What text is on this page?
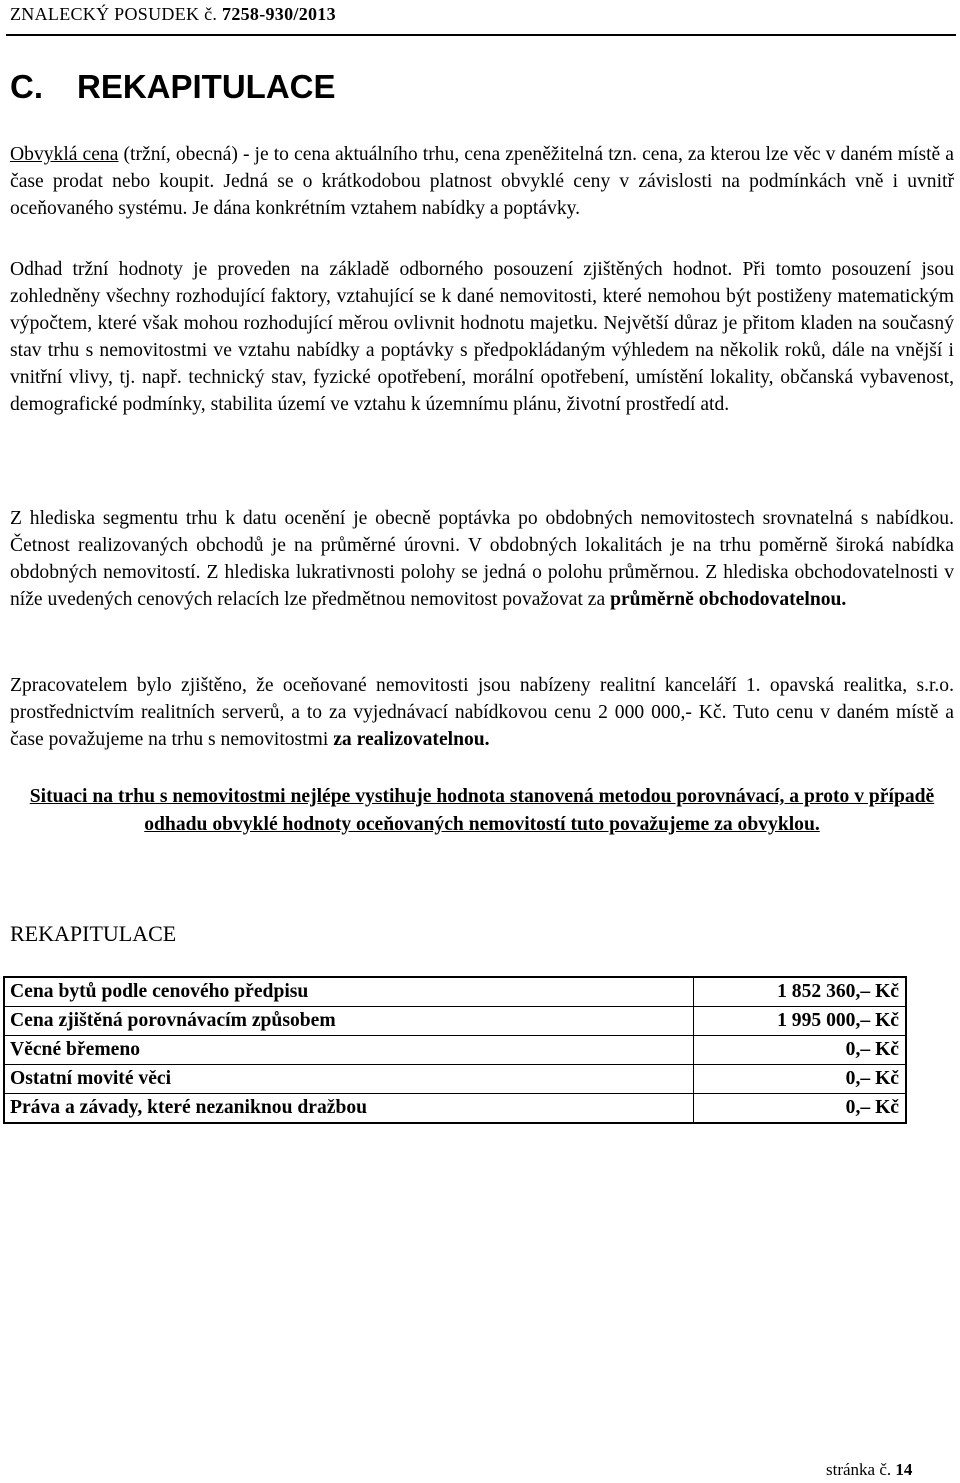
ZNALECKÝ POSUDEK č. 7258-930/2013
C. REKAPITULACE
Obvyklá cena (tržní, obecná) - je to cena aktuálního trhu, cena zpeněžitelná tzn. cena, za kterou lze věc v daném místě a čase prodat nebo koupit. Jedná se o krátkodobou platnost obvyklé ceny v závislosti na podmínkách vně i uvnitř oceňovaného systému. Je dána konkrétním vztahem nabídky a poptávky.
Odhad tržní hodnoty je proveden na základě odborného posouzení zjištěných hodnot. Při tomto posouzení jsou zohledněny všechny rozhodující faktory, vztahující se k dané nemovitosti, které nemohou být postiženy matematickým výpočtem, které však mohou rozhodující měrou ovlivnit hodnotu majetku. Největší důraz je přitom kladen na současný stav trhu s nemovitostmi ve vztahu nabídky a poptávky s předpokládaným výhledem na několik roků, dále na vnější i vnitřní vlivy, tj. např. technický stav, fyzické opotřebení, morální opotřebení, umístění lokality, občanská vybavenost, demografické podmínky, stabilita území ve vztahu k územnímu plánu, životní prostředí atd.
Z hlediska segmentu trhu k datu ocenění je obecně poptávka po obdobných nemovitostech srovnatelná s nabídkou. Četnost realizovaných obchodů je na průměrné úrovni. V obdobných lokalitách je na trhu poměrně široká nabídka obdobných nemovitostí. Z hlediska lukrativnosti polohy se jedná o polohu průměrnou. Z hlediska obchodovatelnosti v níže uvedených cenových relacích lze předmětnou nemovitost považovat za průměrně obchodovatelnou.
Zpracovatelem bylo zjištěno, že oceňované nemovitosti jsou nabízeny realitní kanceláří 1. opavská realitka, s.r.o. prostřednictvím realitních serverů, a to za vyjednávací nabídkovou cenu 2 000 000,- Kč. Tuto cenu v daném místě a čase považujeme na trhu s nemovitostmi za realizovatelnou.
Situaci na trhu s nemovitostmi nejlépe vystihuje hodnota stanovená metodou porovnávací, a proto v případě odhadu obvyklé hodnoty oceňovaných nemovitostí tuto považujeme za obvyklou.
REKAPITULACE
Cena bytů podle cenového předpisu	1 852 360,– Kč
Cena zjištěná porovnávacím způsobem	1 995 000,– Kč
Věcné břemeno	0,– Kč
Ostatní movité věci	0,– Kč
Práva a závady, které nezaniknou dražbou	0,– Kč
stránka č. 14
